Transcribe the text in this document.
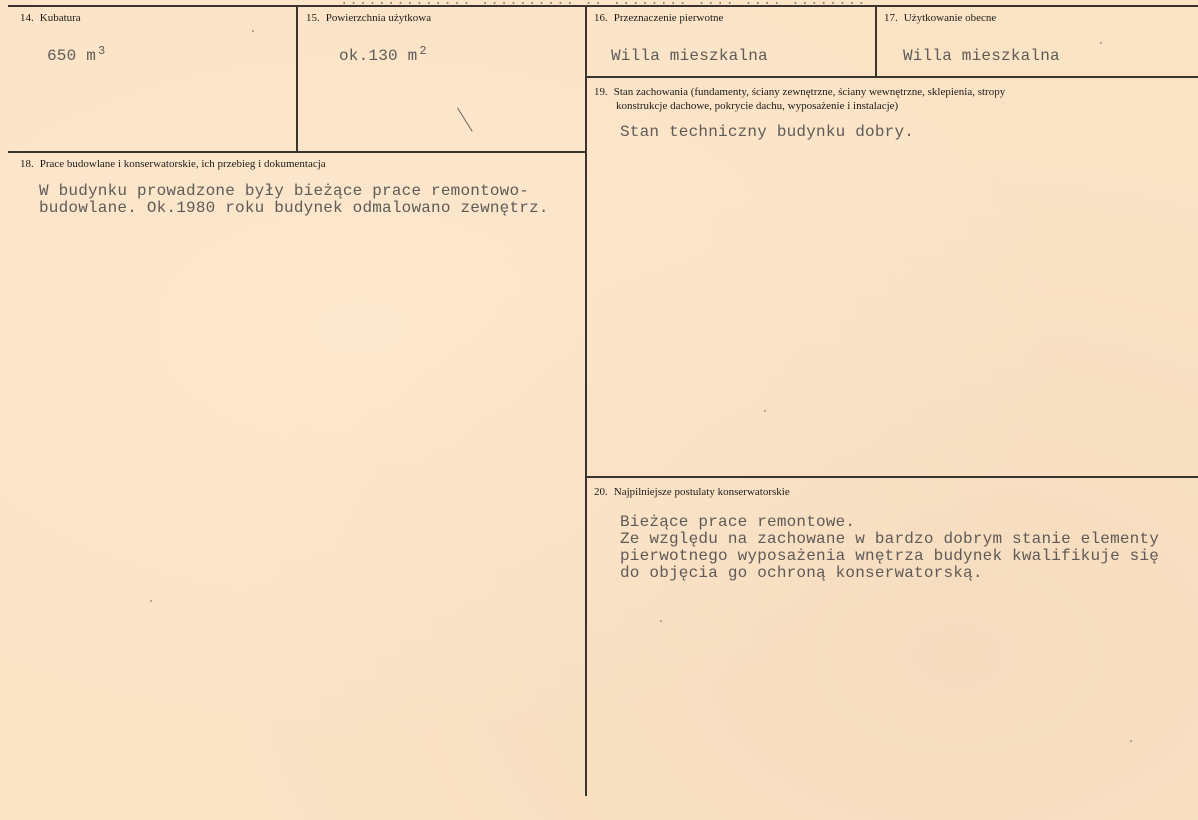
14. Kubatura
650 m $^3$
15. Powierzchnia użytkowa
ok.130 m $^2$
16. Przeznaczenie pierwotne
Willa mieszkalna
17. Użytkowanie obecne
Willa mieszkalna
19. Stan zachowania (fundamenty, ściany zewnętrzne, ściany wewnętrzne, sklepienia, stropy
konstrukcje dachowe, pokrycie dachu, wyposażenie i instalacje)
Stan techniczny budynku dobry.
18. Prace budowlane i konserwatorskie, ich przebieg i dokumentacja
W budynku prowadzone były bieżące prace remontowo-
budowlane. Ok.1980 roku budynek odmalowano zewnętrz.
20. Najpilniejsze postulaty konserwatorskie
Bieżące prace remontowe.
Ze względu na zachowane w bardzo dobrym stanie elementy
pierwotnego wyposażenia wnętrza budynek kwalifikuje się
do objęcia go ochroną konserwatorską.
